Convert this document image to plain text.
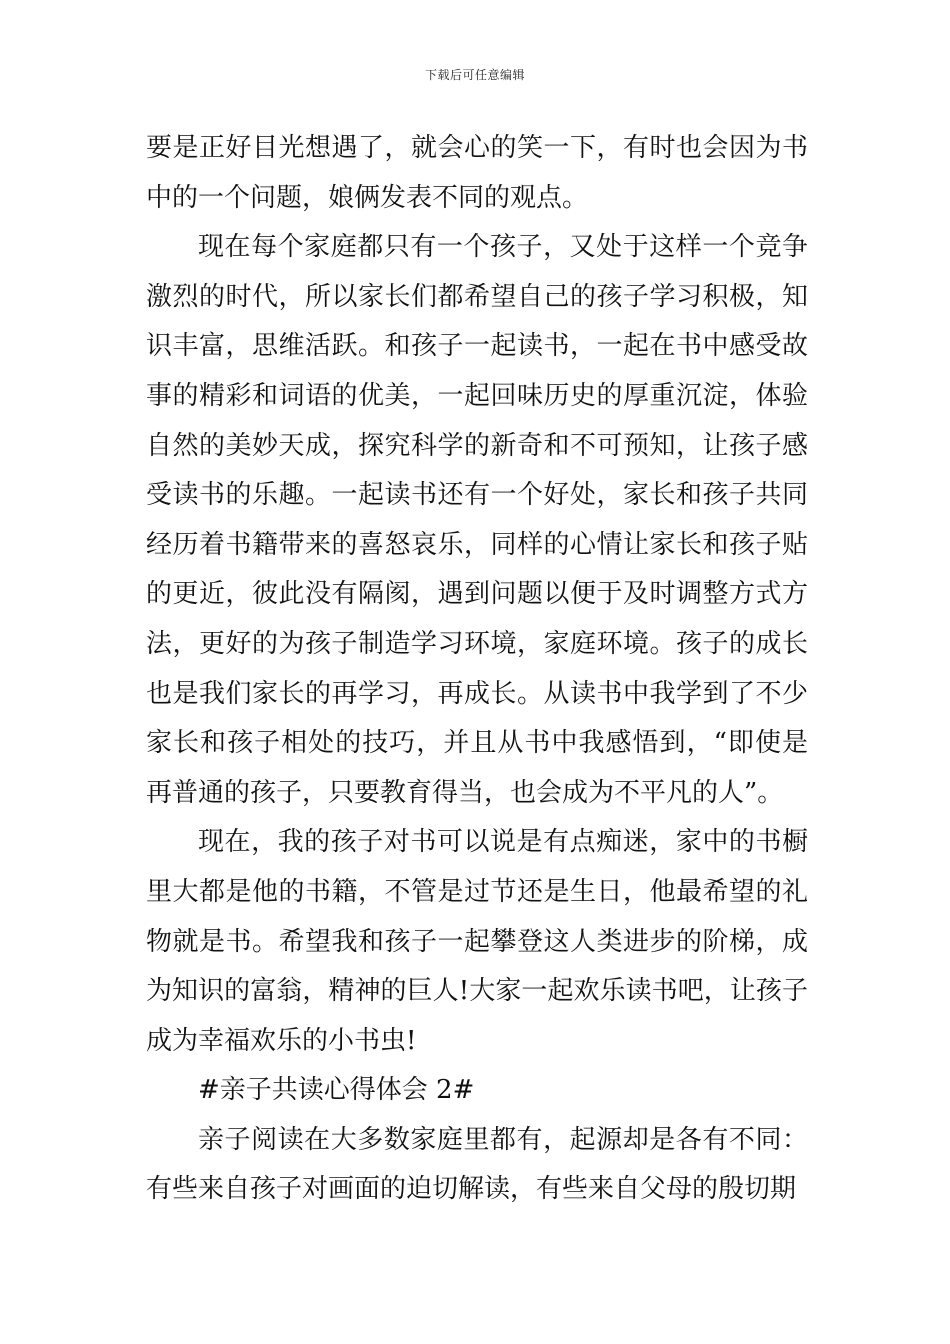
下载后可任意编辑

要是正好目光想遇了，就会心的笑一下，有时也会因为书中的一个问题，娘俩发表不同的观点。

现在每个家庭都只有一个孩子，又处于这样一个竞争激烈的时代，所以家长们都希望自己的孩子学习积极，知识丰富，思维活跃。和孩子一起读书，一起在书中感受故事的精彩和词语的优美，一起回味历史的厚重沉淀，体验自然的美妙天成，探究科学的新奇和不可预知，让孩子感受读书的乐趣。一起读书还有一个好处，家长和孩子共同经历着书籍带来的喜怒哀乐，同样的心情让家长和孩子贴的更近，彼此没有隔阂，遇到问题以便于及时调整方式方法，更好的为孩子制造学习环境，家庭环境。孩子的成长也是我们家长的再学习，再成长。从读书中我学到了不少家长和孩子相处的技巧，并且从书中我感悟到，“即使是再普通的孩子，只要教育得当，也会成为不平凡的人”。

现在，我的孩子对书可以说是有点痴迷，家中的书橱里大都是他的书籍，不管是过节还是生日，他最希望的礼物就是书。希望我和孩子一起攀登这人类进步的阶梯，成为知识的富翁，精神的巨人!大家一起欢乐读书吧，让孩子成为幸福欢乐的小书虫!

#亲子共读心得体会 2#

亲子阅读在大多数家庭里都有，起源却是各有不同：有些来自孩子对画面的迫切解读，有些来自父母的殷切期
